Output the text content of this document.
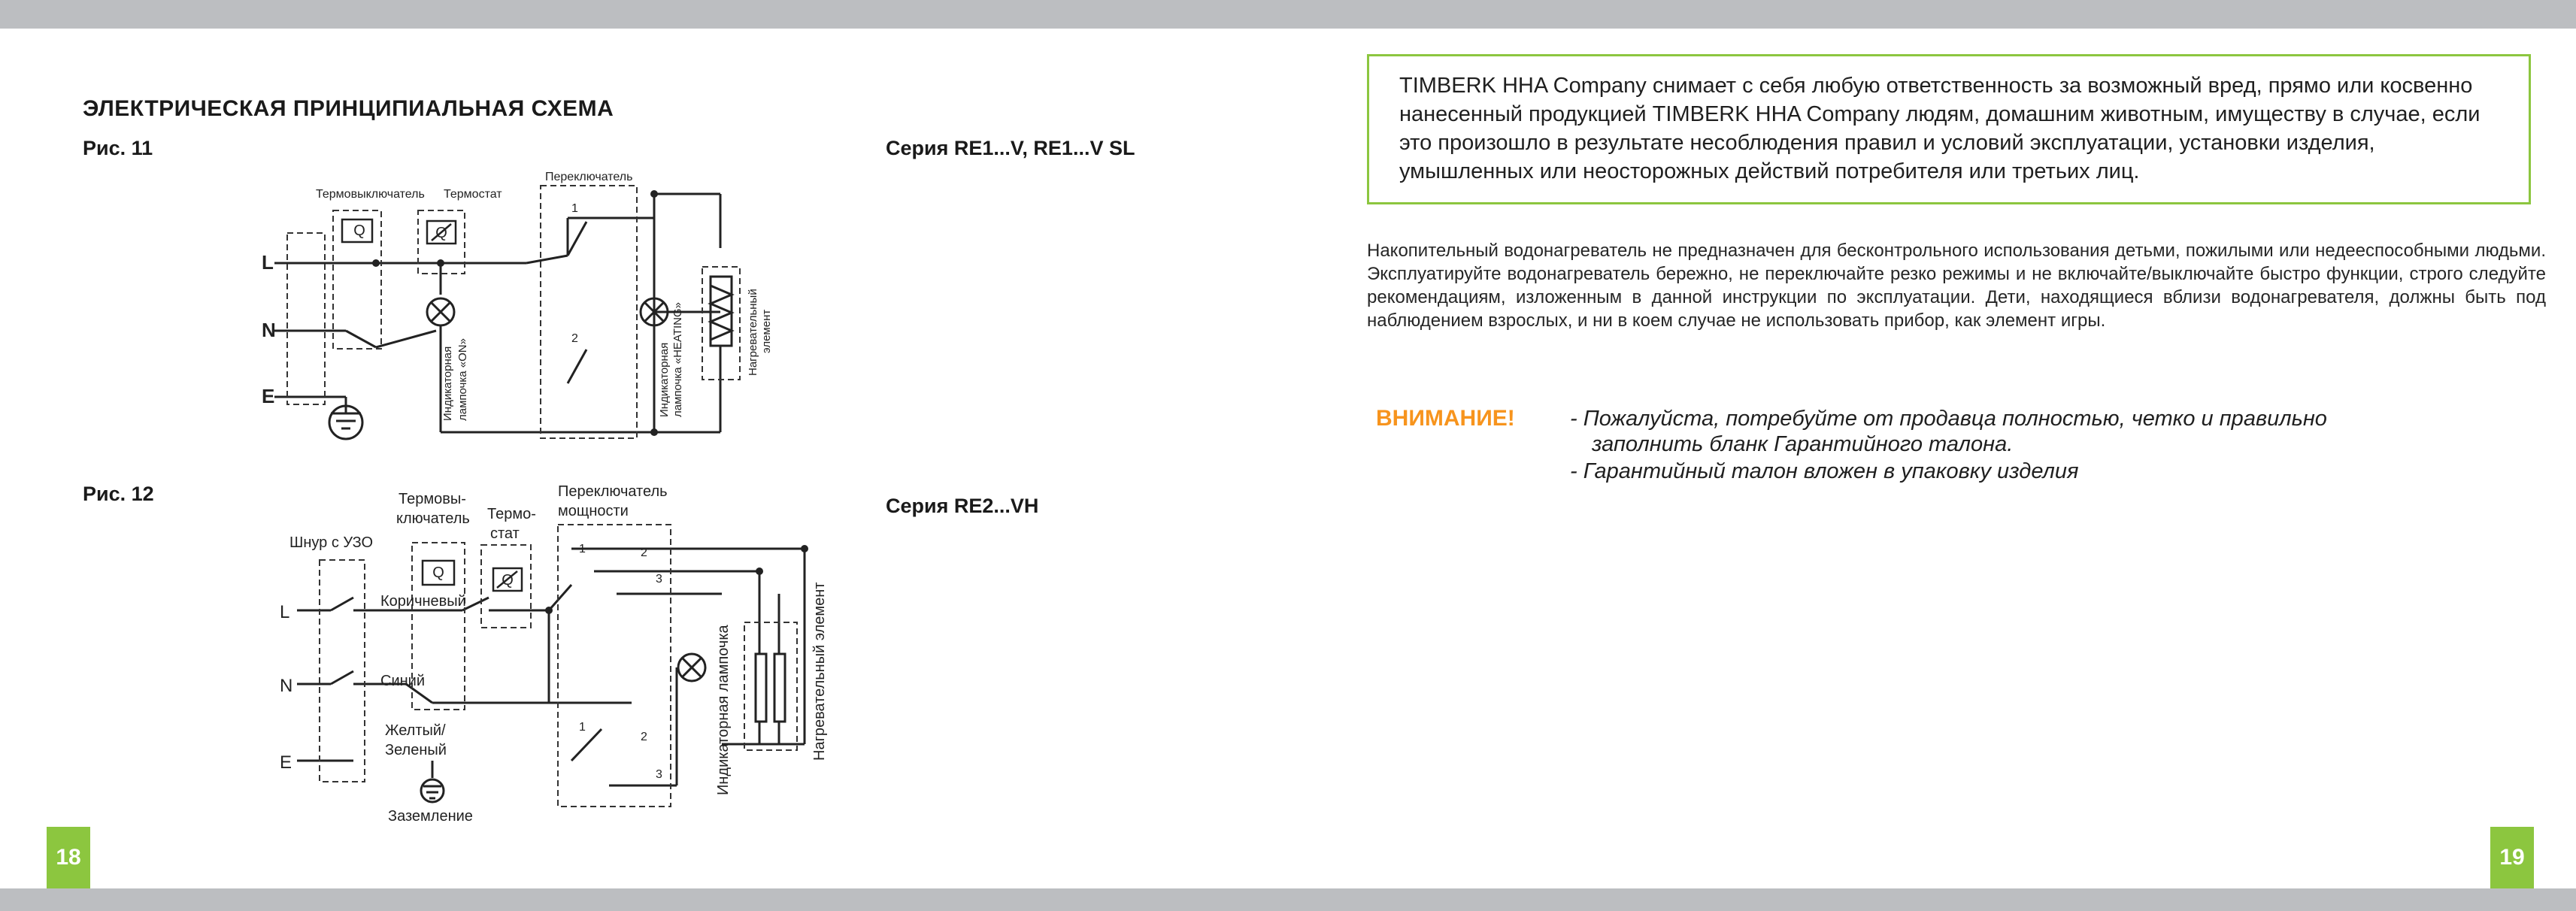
ЭЛЕКТРИЧЕСКАЯ ПРИНЦИПИАЛЬНАЯ СХЕМА
Рис. 11	Серия RE1...V, RE1...V SL
Q	Q
L
N
E
Термовыключатель Термостат
Переключатель
1
2
Индикаторная лампочка «ON»	Индикаторная лампочка «HEATING»	Нагревательный элемент
Рис. 12
Серия RE2...VH
Q	Q
L
N
E
Шнур с УЗО
Термовы-
ключатель Термо-
стат
Переключатель
мощности
Коричневый
Синий
Желтый/
Зеленый
Заземление
1	2
3
1
2
3	Индикаторная лампочка	Нагревательный элемент
18
TIMBERK HHA Company снимает с себя любую ответственность за возможный вред, прямо или косвенно нанесенный продукцией TIMBERK HHA Company людям, домашним животным, имуществу в случае, если это произошло в результате несоблюдения правил и условий эксплуатации, установки изделия, умышленных или неосторожных действий потребителя или третьих лиц.
Накопительный водонагреватель не предназначен для бесконтрольного использования детьми, пожилыми или недееспособными людьми. Эксплуатируйте водонагреватель бережно, не переключайте резко режимы и не включайте/выключайте быстро функции, строго следуйте рекомендациям, изложенным в данной инструкции по эксплуатации. Дети, находящиеся вблизи водонагревателя, должны быть под наблюдением взрослых, и ни в коем случае не использовать прибор, как элемент игры.
ВНИМАНИЕ!	- Пожалуйста, потребуйте от продавца полностью, четко и правильно
заполнить бланк Гарантийного талона.
- Гарантийный талон вложен в упаковку изделия
19
